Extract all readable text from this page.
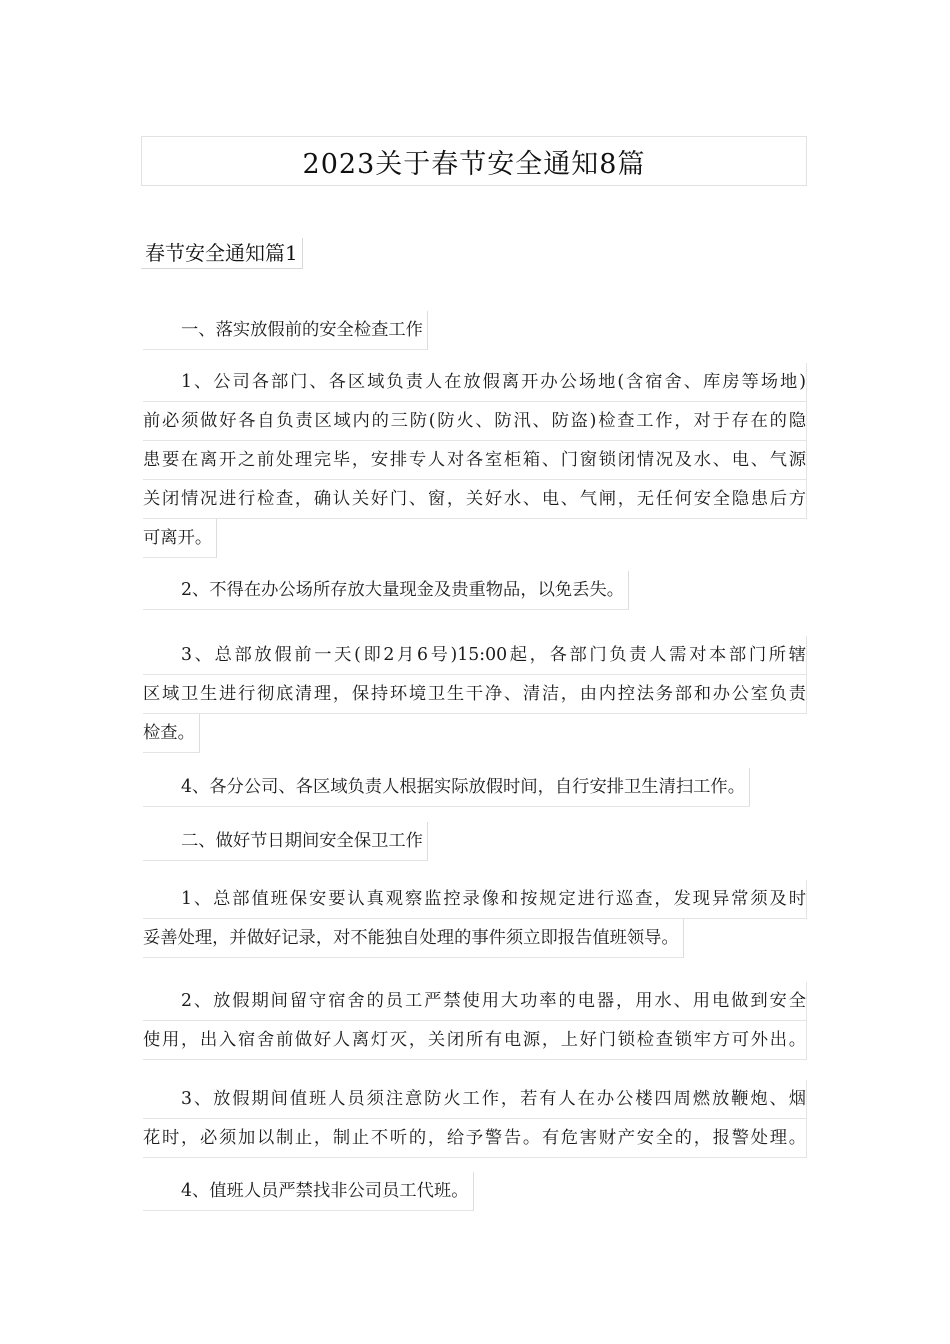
2023关于春节安全通知8篇
春节安全通知篇1
一、落实放假前的安全检查工作
1、公司各部门、各区域负责人在放假离开办公场地(含宿舍、库房等场地)
前必须做好各自负责区域内的三防(防火、防汛、防盗)检查工作，对于存在的隐
患要在离开之前处理完毕，安排专人对各室柜箱、门窗锁闭情况及水、电、气源
关闭情况进行检查，确认关好门、窗，关好水、电、气闸，无任何安全隐患后方
可离开。
2、不得在办公场所存放大量现金及贵重物品，以免丢失。
3、总部放假前一天(即2月6号)15:00起，各部门负责人需对本部门所辖
区域卫生进行彻底清理，保持环境卫生干净、清洁，由内控法务部和办公室负责
检查。
4、各分公司、各区域负责人根据实际放假时间，自行安排卫生清扫工作。
二、做好节日期间安全保卫工作
1、总部值班保安要认真观察监控录像和按规定进行巡查，发现异常须及时
妥善处理，并做好记录，对不能独自处理的事件须立即报告值班领导。
2、放假期间留守宿舍的员工严禁使用大功率的电器，用水、用电做到安全
使用，出入宿舍前做好人离灯灭，关闭所有电源，上好门锁检查锁牢方可外出。
3、放假期间值班人员须注意防火工作，若有人在办公楼四周燃放鞭炮、烟
花时，必须加以制止，制止不听的，给予警告。有危害财产安全的，报警处理。
4、值班人员严禁找非公司员工代班。
